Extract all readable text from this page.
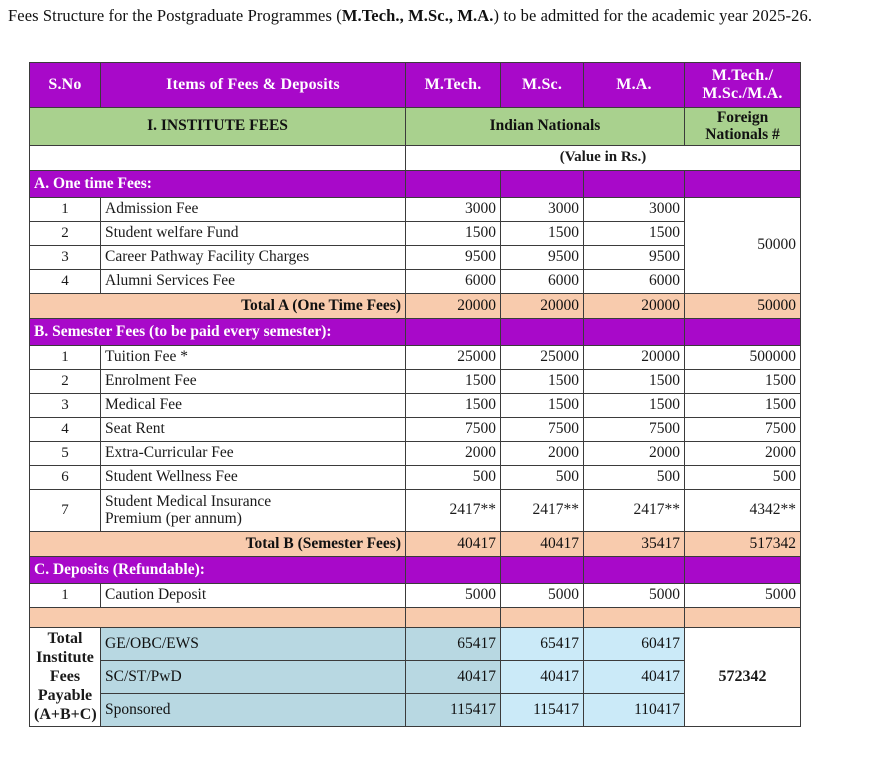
Fees Structure for the Postgraduate Programmes (M.Tech., M.Sc., M.A.) to be admitted for the academic year 2025-26.
S.No	Items of Fees & Deposits	M.Tech.	M.Sc.	M.A.	M.Tech./
M.Sc./M.A.
I. INSTITUTE FEES		Indian Nationals			Foreign
Nationals #
		(Value in Rs.)			
A. One time Fees:					
1	Admission Fee	3000	3000	3000	50000
2	Student welfare Fund	1500	1500	1500	
3	Career Pathway Facility Charges	9500	9500	9500	
4	Alumni Services Fee	6000	6000	6000	
Total A (One Time Fees)		20000	20000	20000	50000
B. Semester Fees (to be paid every semester):					
1	Tuition Fee *	25000	25000	20000	500000
2	Enrolment Fee	1500	1500	1500	1500
3	Medical Fee	1500	1500	1500	1500
4	Seat Rent	7500	7500	7500	7500
5	Extra-Curricular Fee	2000	2000	2000	2000
6	Student Wellness Fee	500	500	500	500
7	Student Medical Insurance
Premium (per annum)	2417**	2417**	2417**	4342**
Total B (Semester Fees)		40417	40417	35417	517342
C. Deposits (Refundable):					
1	Caution Deposit	5000	5000	5000	5000

Total Institute Fees
Payable (A+B+C)	GE/OBC/EWS	65417	65417	60417	572342
	SC/ST/PwD	40417	40417	40417	
	Sponsored	115417	115417	110417	
